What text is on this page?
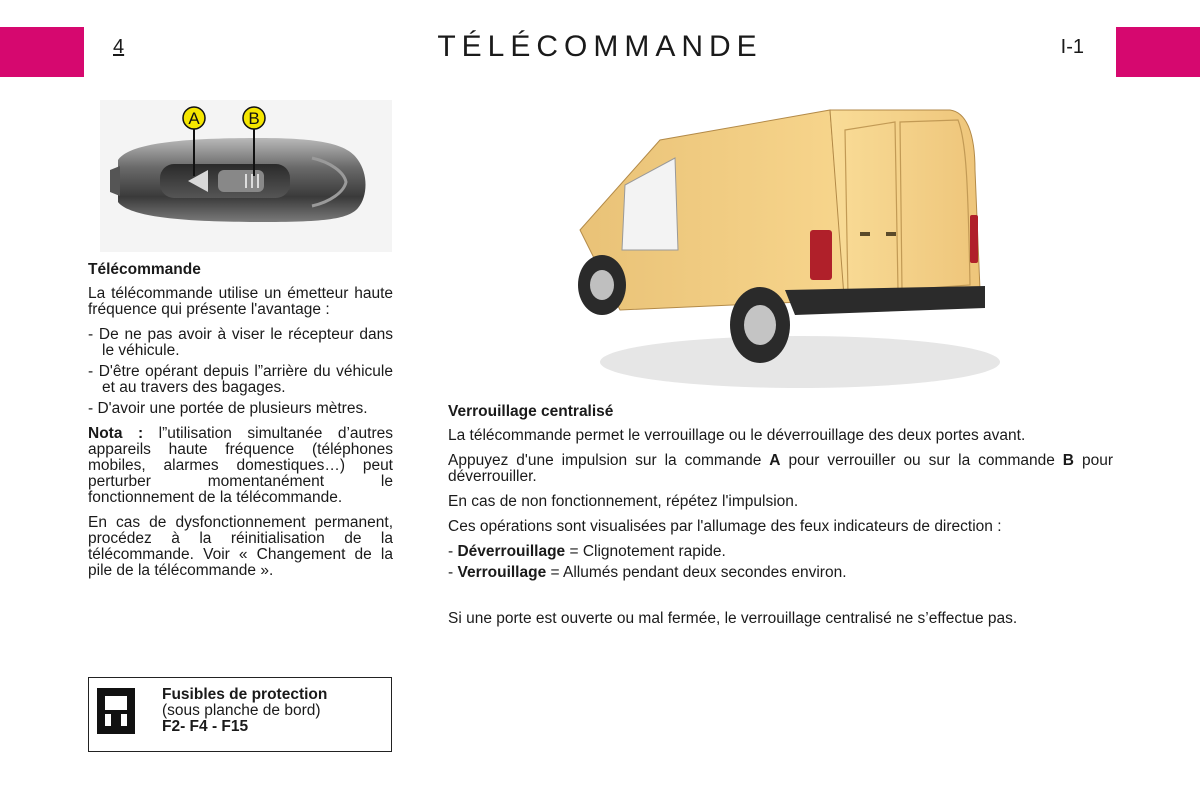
4	TÉLÉCOMMANDE	I-1
A	B
Télécommande

La télécommande utilise un émetteur haute fréquence qui présente l'avantage :

- De ne pas avoir à viser le récepteur dans le véhicule.
- D'être opérant depuis l”arrière du véhicule et au travers des bagages.
- D'avoir une portée de plusieurs mètres.

Nota : l”utilisation simultanée d’autres appareils haute fréquence (téléphones mobiles, alarmes domestiques…) peut perturber momentanément le fonctionnement de la télécommande.

En cas de dysfonctionnement permanent, procédez à la réinitialisation de la télécommande. Voir « Changement de la pile de la télécommande ».

Fusibles de protection
(sous planche de bord)
F2- F4 - F15
Verrouillage centralisé

La télécommande permet le verrouillage ou le déverrouillage des deux portes avant.

Appuyez d'une impulsion sur la commande A pour verrouiller ou sur la commande B pour déverrouiller.

En cas de non fonctionnement, répétez l'impulsion.

Ces opérations sont visualisées par l'allumage des feux indicateurs de direction :

- Déverrouillage = Clignotement rapide.
- Verrouillage = Allumés pendant deux secondes environ.

Si une porte est ouverte ou mal fermée, le verrouillage centralisé ne s’effectue pas.
